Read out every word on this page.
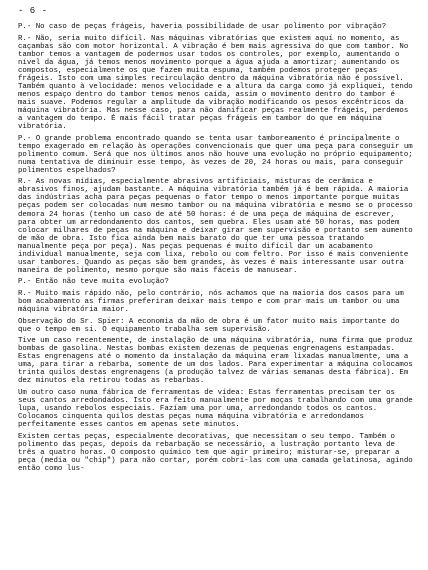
- 6 -

P.- No caso de peças frágeis, haveria possibilidade de usar polimento por vibração?

R.- Não, seria muito difícil. Nas máquinas vibratórias que existem aquí no momento, as caçambas são com motor horizontal. A vibração é bem mais agressiva do que com tambor. No tambor temos a vantagem de podermos usar todos os controles, por exemplo, aumentando o nível da água, já temos menos movimento porque a água ajuda a amortizar; aumentando os compostos, especialmente os que fazem muita espuma, também podemos proteger peças frágeis. Isto com uma simples recirculação dentro da máquina vibratória não é possível. Também quanto à velocidade: menos velocidade e a altura da carga como já expliquei, tendo menos espaço dentro do tambor temos menos caída, assim o movimento dentro do tambor é mais suave. Podemos regular a amplitude da vibração modificando os pesos excêntricos da máquina vibratória. Mas nesse caso, para não danificar peças realmente frágeis, perdemos a vantagem do tempo. É mais fácil tratar peças frágeis em tambor do que em máquina vibratória.

P.- O grande problema encontrado quando se tenta usar tamboreamento é principalmente o tempo exagerado em relação às operações convencionais que quer uma peça para conseguir um polimento comum. Será que nos últimos anos não houve uma evolução no próprio equipamento; numa tentativa de diminuir esse tempo, às vezes de 20, 24 horas ou mais, para conseguir polimentos espelhados?

R.- As novas mídias, especialmente abrasivos artificiais, misturas de cerâmica e abrasivos finos, ajudam bastante. A máquina vibratória também já é bem rápida. A maioria das indústrias acha para peças pequenas o fator tempo o menos importante porque muitas peças podem ser colocadas num mesmo tambor ou na máquina vibratória e mesmo se o processo demora 24 horas (tenho um caso de até 50 horas: é de uma peça de máquina de escrever, para obter um arredondamento dos cantos, sem quebra. Eles usam até 50 horas, mas podem colocar milhares de peças na máquina e deixar girar sem supervisão e portanto sem aumento de mão de obra. Isto fica ainda bem mais barato do que ter uma pessoa tratando manualmente peça por peça). Nas peças pequenas é muito difícil dar um acabamento individual manualmente, seja com lixa, rebolo ou com feltro. Por isso é mais conveniente usar tambores. Quando as peças são bem grandes, às vezes é mais interessante usar outra maneira de polimento, mesmo porque são mais fáceis de manusear.

P.- Então não teve muita evolução?

R.- Muito mais rápido não, pelo contrário, nós achamos que na maioria dos casos para um bom acabamento as firmas preferiram deixar mais tempo e com prar mais um tambor ou uma máquina vibratória maior.

Observação do Sr. Spier: A economia da mão de obra é um fator muito mais importante do que o tempo em si. O equipamento trabalha sem supervisão.

Tive um caso recentemente, de instalação de uma máquina vibratória, numa firma que produz bombas de gasolina. Nestas bombas existem dezenas de pequenas engrenagens estampadas. Estas engrenagens até o momento da instalação da máquina eram lixadas manualmente, uma a uma, para tirar a rebarba, somente de um dos lados. Para experimentar a máquina colocamos trinta quilos destas engrenagens (a produção talvez de várias semanas desta fábrica). Em dez minutos ela retirou todas as rebarbas.

Um outro caso numa fábrica de ferramentas de vídea: Estas ferramentas precisam ter os seus cantos arredondados. Isto era feito manualmente por moças trabalhando com uma grande lupa, usando rebolos especiais. Fazíam uma por uma, arredondando todos os cantos. Colocamos cinquenta quilos destas peças numa máquina vibratória e arredondamos perfeitamente esses cantos em apenas sete minutos.

Existem certas peças, especialmente decorativas, que necessitam o seu tempo. Também o polimento das peças, depois da rebarbação se necessário, a lustração portanto leva de três a quatro horas. O composto químico tem que agir primeiro; misturar-se, preparar a peça (media ou "chip") para não cortar, porém cobri-las com uma camada gelatinosa, agindo então como lus-
